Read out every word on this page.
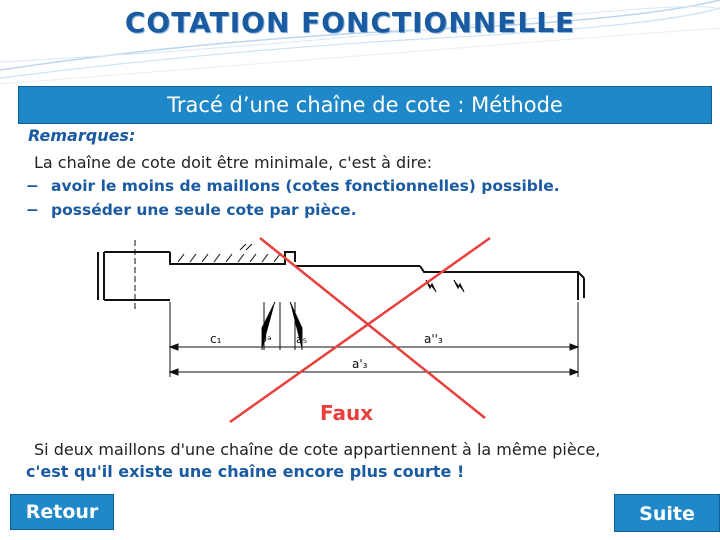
COTATION FONCTIONNELLE
Tracé d’une chaîne de cote : Méthode
Remarques:
La chaîne de cote doit être minimale, c'est à dire:
− avoir le moins de maillons (cotes fonctionnelles) possible.
− posséder une seule cote par pièce.
c₁	Jₐ a₅	a''₃
a'₃
Faux
Si deux maillons d'une chaîne de cote appartiennent à la même pièce,
c'est qu'il existe une chaîne encore plus courte !
Retour	Suite
